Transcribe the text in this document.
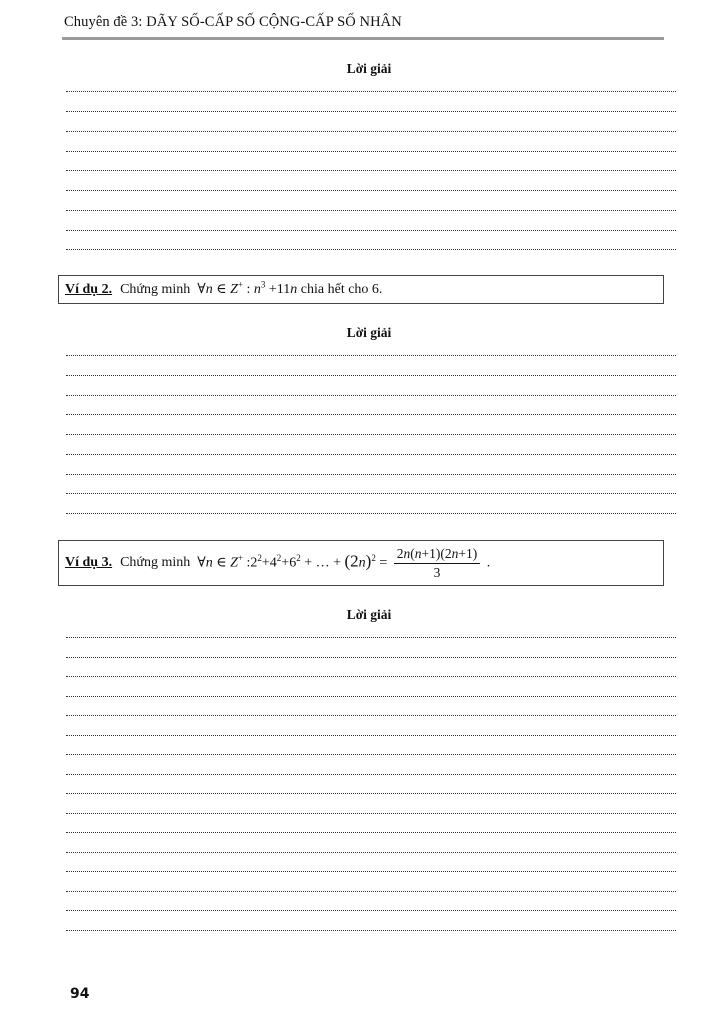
Chuyên đề 3: DÃY SỐ-CẤP SỐ CỘNG-CẤP SỐ NHÂN
Lời giải
Ví dụ 2. Chứng minh
∀n ∈ Z+ : $n^3 +11n$
chia hết cho 6.
Lời giải
Ví dụ 3. Chứng minh
∀n ∈ Z+ $:2^2+4^2+6^2$ + … + $(2n)^2 = \frac{2n(n+1)(2n+1)}{3}$ .
Lời giải
94
